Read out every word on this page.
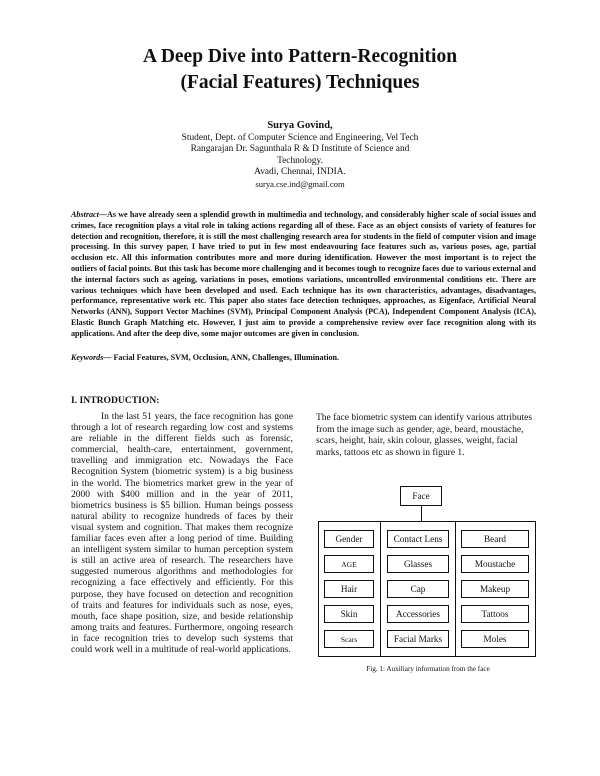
A Deep Dive into Pattern-Recognition
(Facial Features) Techniques
Surya Govind,
Student, Dept. of Computer Science and Engineering, Vel Tech
Rangarajan Dr. Sagunthala R & D Institute of Science and
Technology.
Avadi, Chennai, INDIA.
surya.cse.ind@gmail.com
Abstract—As we have already seen a splendid growth in multimedia and technology, and considerably higher scale of social issues and crimes, face recognition plays a vital role in taking actions regarding all of these. Face as an object consists of variety of features for detection and recognition, therefore, it is still the most challenging research area for students in the field of computer vision and image processing. In this survey paper, I have tried to put in few most endeavouring face features such as, various poses, age, partial occlusion etc. All this information contributes more and more during identification. However the most important is to reject the outliers of facial points. But this task has become more challenging and it becomes tough to recognize faces due to various external and the internal factors such as ageing, variations in poses, emotions variations, uncontrolled environmental conditions etc. There are various techniques which have been developed and used. Each technique has its own characteristics, advantages, disadvantages, performance, representative work etc. This paper also states face detection techniques, approaches, as Eigenface, Artificial Neural Networks (ANN), Support Vector Machines (SVM), Principal Component Analysis (PCA), Independent Component Analysis (ICA), Elastic Bunch Graph Matching etc. However, I just aim to provide a comprehensive review over face recognition along with its applications. And after the deep dive, some major outcomes are given in conclusion.
Keywords— Facial Features, SVM, Occlusion, ANN, Challenges, Illumination.
I. INTRODUCTION:

In the last 51 years, the face recognition has gone through a lot of research regarding low cost and systems are reliable in the different fields such as forensic, commercial, health-care, entertainment, government, travelling and immigration etc. Nowadays the Face Recognition System (biometric system) is a big business in the world. The biometrics market grew in the year of 2000 with $400 million and in the year of 2011, biometrics business is $5 billion. Human beings possess natural ability to recognize hundreds of faces by their visual system and cognition. That makes them recognize familiar faces even after a long period of time. Building an intelligent system similar to human perception system is still an active area of research. The researchers have suggested numerous algorithms and methodologies for recognizing a face effectively and efficiently. For this purpose, they have focused on detection and recognition of traits and features for individuals such as nose, eyes, mouth, face shape position, size, and beside relationship among traits and features. Furthermore, ongoing research in face recognition tries to develop such systems that could work well in a multitude of real-world applications.

The face biometric system can identify various attributes from the image such as gender, age, beard, moustache, scars, height, hair, skin colour, glasses, weight, facial marks, tattoos etc as shown in figure 1.
Face
Gender
AGE
Hair
Skin
Scars
Contact Lens
Glasses
Cap
Accessories
Facial Marks
Beard
Moustache
Makeup
Tattoos
Moles
Fig. 1: Auxiliary information from the face
